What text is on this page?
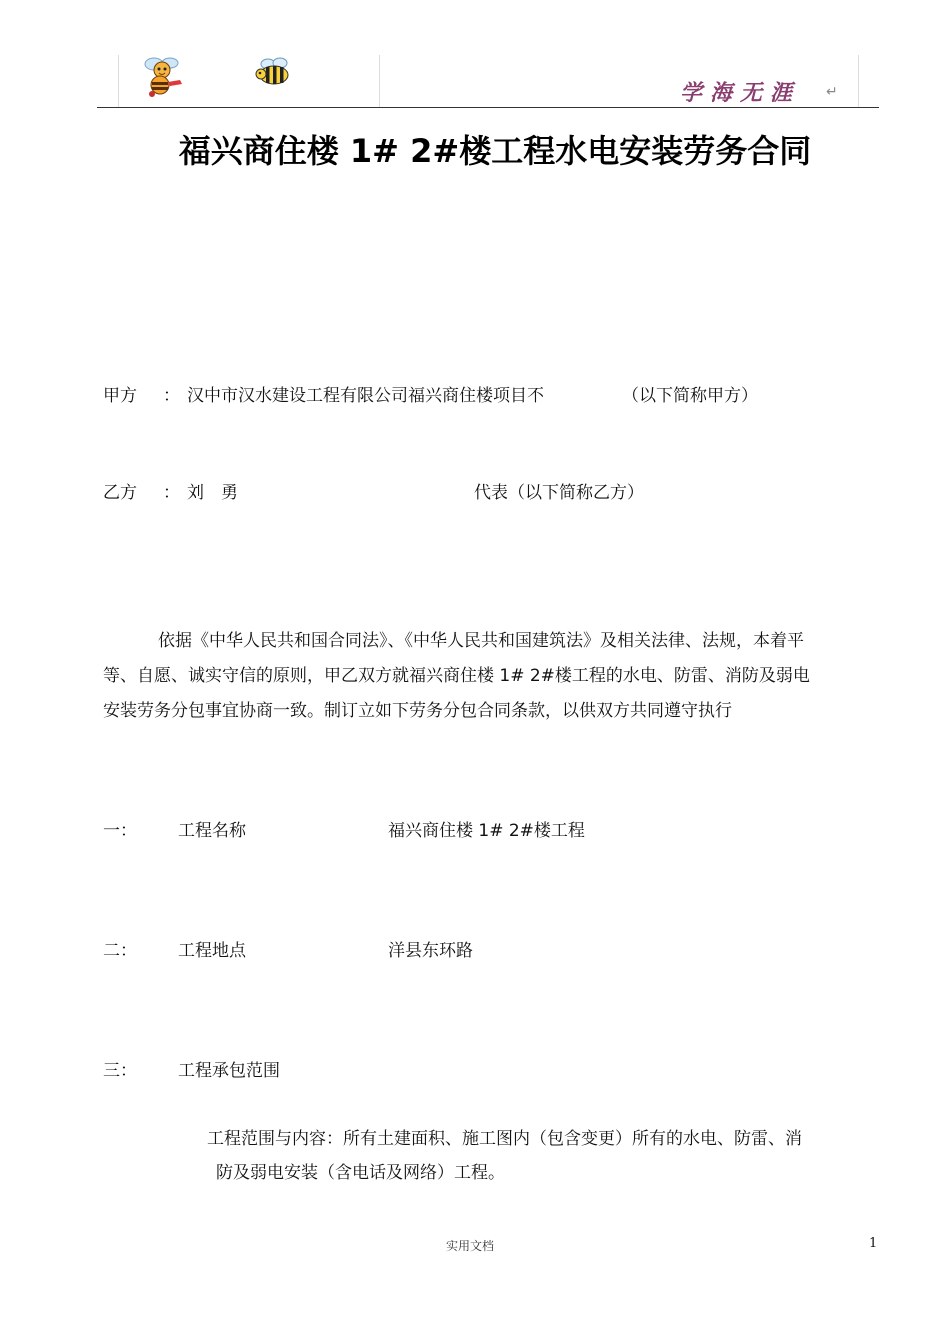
学海无涯 ↵
福兴商住楼 1# 2#楼工程水电安装劳务合同
甲方 ： 汉中市汉水建设工程有限公司福兴商住楼项目不	（以下简称甲方）
乙方 ： 刘　勇	代表（以下简称乙方）
依据《中华人民共和国合同法》、《中华人民共和国建筑法》及相关法律、法规，本着平
等、自愿、诚实守信的原则，甲乙双方就福兴商住楼 1# 2#楼工程的水电、防雷、消防及弱电
安装劳务分包事宜协商一致。制订立如下劳务分包合同条款，以供双方共同遵守执行
一： 工程名称	福兴商住楼 1# 2#楼工程
二： 工程地点	洋县东环路
三： 工程承包范围
工程范围与内容：所有土建面积、施工图内（包含变更）所有的水电、防雷、消
防及弱电安装（含电话及网络）工程。
实用文档	1
